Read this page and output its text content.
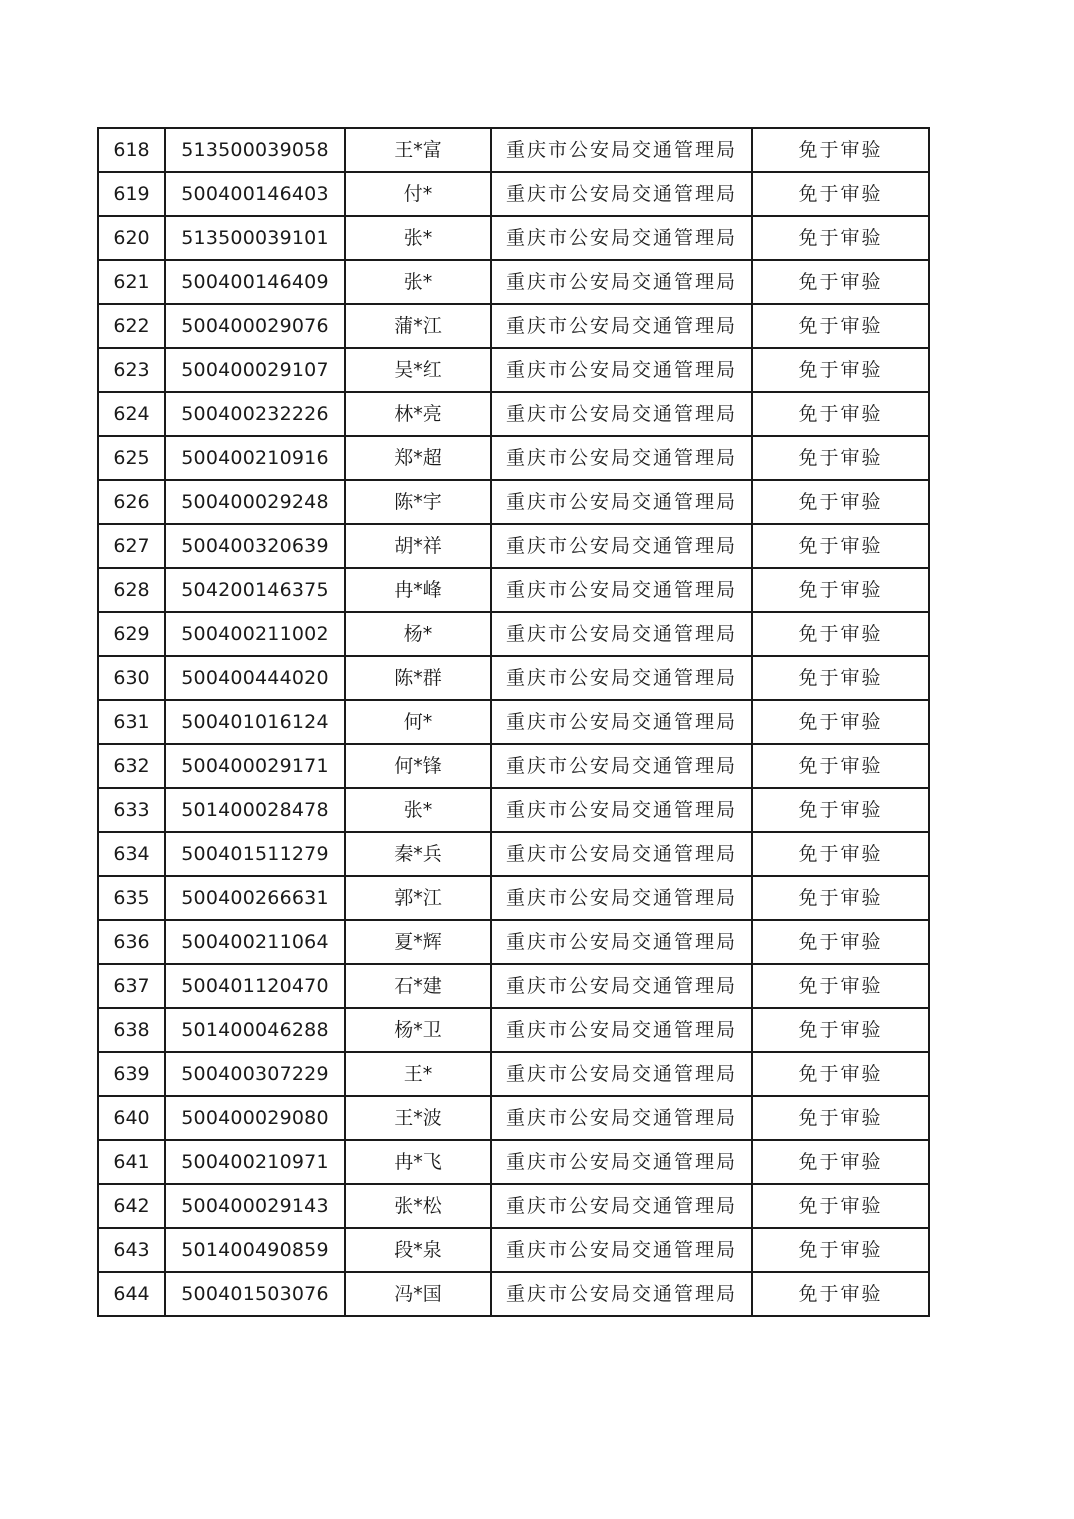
618	513500039058	王*富	重庆市公安局交通管理局	免于审验
619	500400146403	付*	重庆市公安局交通管理局	免于审验
620	513500039101	张*	重庆市公安局交通管理局	免于审验
621	500400146409	张*	重庆市公安局交通管理局	免于审验
622	500400029076	蒲*江	重庆市公安局交通管理局	免于审验
623	500400029107	吴*红	重庆市公安局交通管理局	免于审验
624	500400232226	林*亮	重庆市公安局交通管理局	免于审验
625	500400210916	郑*超	重庆市公安局交通管理局	免于审验
626	500400029248	陈*宇	重庆市公安局交通管理局	免于审验
627	500400320639	胡*祥	重庆市公安局交通管理局	免于审验
628	504200146375	冉*峰	重庆市公安局交通管理局	免于审验
629	500400211002	杨*	重庆市公安局交通管理局	免于审验
630	500400444020	陈*群	重庆市公安局交通管理局	免于审验
631	500401016124	何*	重庆市公安局交通管理局	免于审验
632	500400029171	何*锋	重庆市公安局交通管理局	免于审验
633	501400028478	张*	重庆市公安局交通管理局	免于审验
634	500401511279	秦*兵	重庆市公安局交通管理局	免于审验
635	500400266631	郭*江	重庆市公安局交通管理局	免于审验
636	500400211064	夏*辉	重庆市公安局交通管理局	免于审验
637	500401120470	石*建	重庆市公安局交通管理局	免于审验
638	501400046288	杨*卫	重庆市公安局交通管理局	免于审验
639	500400307229	王*	重庆市公安局交通管理局	免于审验
640	500400029080	王*波	重庆市公安局交通管理局	免于审验
641	500400210971	冉*飞	重庆市公安局交通管理局	免于审验
642	500400029143	张*松	重庆市公安局交通管理局	免于审验
643	501400490859	段*泉	重庆市公安局交通管理局	免于审验
644	500401503076	冯*国	重庆市公安局交通管理局	免于审验
